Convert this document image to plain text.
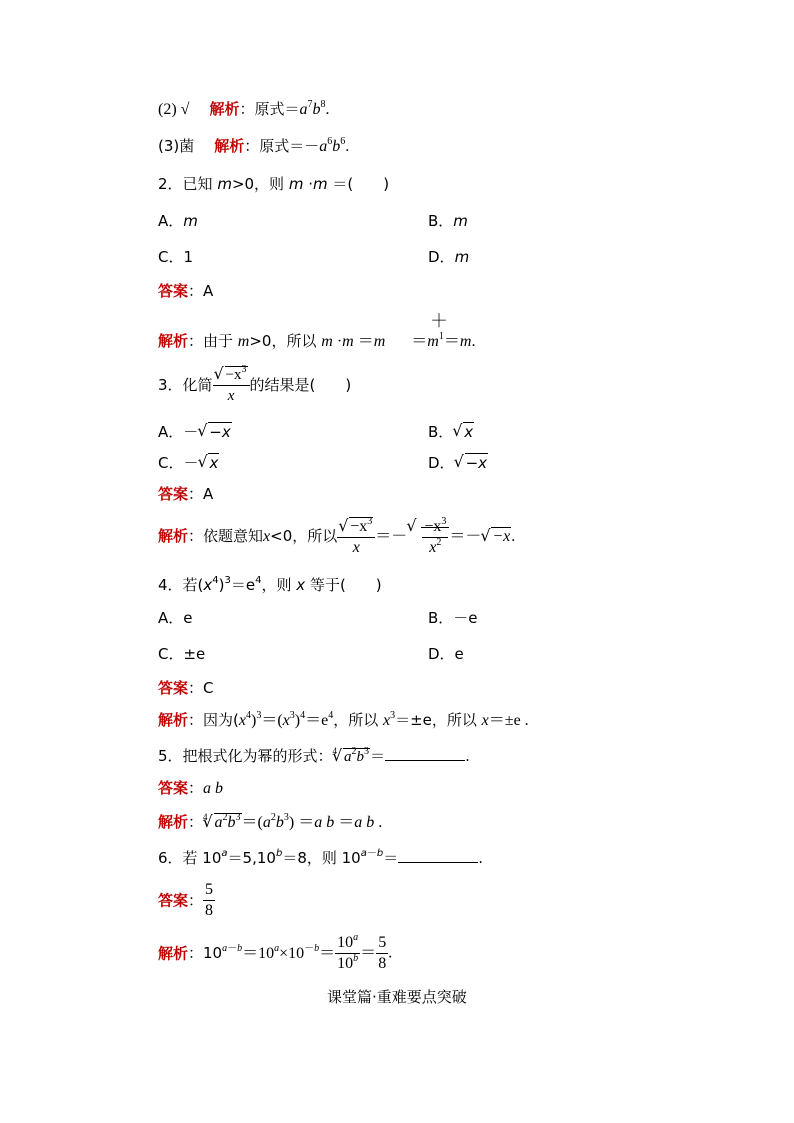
(2) √　 解析：原式$=a^7b^8$.
(3)菌　 解析：原式$=-a^6b^6$.
2．已知 m>0，则 m ·m ＝(　　)
A．m	B．m
C．1	D．m
答案：A
＋
解析：由于 m>0，所以 $m \cdot m =m =m^1=m$.
3．化简 √ $\frac{-x^3}{x}$ 的结果是(　　)
A．－ √ −x	B． √ x
C．－ √ x	D． √ −x
答案：A
解析：依题意知x<0，所以 √ $\frac{-x^3}{x}$ ＝－ √ $\frac{-x^3}{x^2}$ ＝－ √ −x.
4．若$(x^4)^3=e^4$，则 x 等于(　　)
A．e	B．－e
C．±e	D．e
答案：C
解析：因为$(x^4)^3=(x^3)^4=e^4$，所以 $x^3=\pm e$，所以 x＝±e .
5．把根式化为幂的形式：$^4$ √ $a^2b^3=$	.
答案：a b
解析：$^4$ √ $a^2b^3=(a^2b^3) =a$ b ＝a b .
6．若 $10^a=5,10^b=8$，则 $10^{a-b}=$	.
答案： $\frac{5}{8}$
解析：$10^{a-b}=10^a\times 10^{-b}= \frac{10^a}{10^b} = \frac{5}{8}$ .
课堂篇·重难要点突破
